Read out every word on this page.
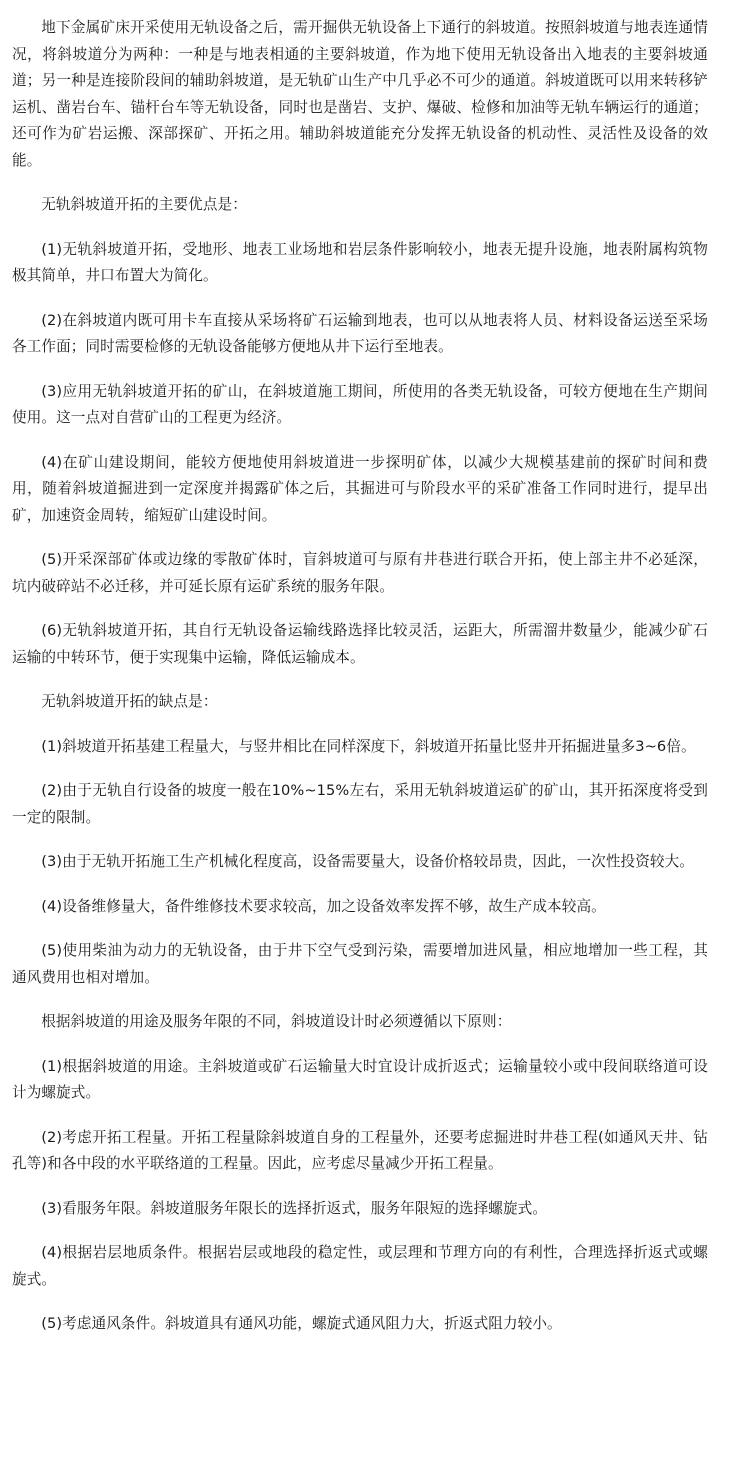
地下金属矿床开采使用无轨设备之后，需开掘供无轨设备上下通行的斜坡道。按照斜坡道与地表连通情况，将斜坡道分为两种：一种是与地表相通的主要斜坡道，作为地下使用无轨设备出入地表的主要斜坡通道；另一种是连接阶段间的辅助斜坡道，是无轨矿山生产中几乎必不可少的通道。斜坡道既可以用来转移铲运机、凿岩台车、锚杆台车等无轨设备，同时也是凿岩、支护、爆破、检修和加油等无轨车辆运行的通道；还可作为矿岩运搬、深部探矿、开拓之用。辅助斜坡道能充分发挥无轨设备的机动性、灵活性及设备的效能。

无轨斜坡道开拓的主要优点是：

(1)无轨斜坡道开拓，受地形、地表工业场地和岩层条件影响较小，地表无提升设施，地表附属构筑物极其简单，井口布置大为简化。

(2)在斜坡道内既可用卡车直接从采场将矿石运输到地表，也可以从地表将人员、材料设备运送至采场各工作面；同时需要检修的无轨设备能够方便地从井下运行至地表。

(3)应用无轨斜坡道开拓的矿山，在斜坡道施工期间，所使用的各类无轨设备，可较方便地在生产期间使用。这一点对自营矿山的工程更为经济。

(4)在矿山建设期间，能较方便地使用斜坡道进一步探明矿体，以减少大规模基建前的探矿时间和费用，随着斜坡道掘进到一定深度并揭露矿体之后，其掘进可与阶段水平的采矿准备工作同时进行，提早出矿，加速资金周转，缩短矿山建设时间。

(5)开采深部矿体或边缘的零散矿体时，盲斜坡道可与原有井巷进行联合开拓，使上部主井不必延深，坑内破碎站不必迁移，并可延长原有运矿系统的服务年限。

(6)无轨斜坡道开拓，其自行无轨设备运输线路选择比较灵活，运距大，所需溜井数量少，能减少矿石运输的中转环节，便于实现集中运输，降低运输成本。

无轨斜坡道开拓的缺点是：

(1)斜坡道开拓基建工程量大，与竖井相比在同样深度下，斜坡道开拓量比竖井开拓掘进量多3~6倍。

(2)由于无轨自行设备的坡度一般在10%~15%左右，采用无轨斜坡道运矿的矿山，其开拓深度将受到一定的限制。

(3)由于无轨开拓施工生产机械化程度高，设备需要量大，设备价格较昂贵，因此，一次性投资较大。

(4)设备维修量大，备件维修技术要求较高，加之设备效率发挥不够，故生产成本较高。

(5)使用柴油为动力的无轨设备，由于井下空气受到污染，需要增加进风量，相应地增加一些工程，其通风费用也相对增加。

根据斜坡道的用途及服务年限的不同，斜坡道设计时必须遵循以下原则：

(1)根据斜坡道的用途。主斜坡道或矿石运输量大时宜设计成折返式；运输量较小或中段间联络道可设计为螺旋式。

(2)考虑开拓工程量。开拓工程量除斜坡道自身的工程量外，还要考虑掘进时井巷工程(如通风天井、钻孔等)和各中段的水平联络道的工程量。因此，应考虑尽量减少开拓工程量。

(3)看服务年限。斜坡道服务年限长的选择折返式，服务年限短的选择螺旋式。

(4)根据岩层地质条件。根据岩层或地段的稳定性，或层理和节理方向的有利性，合理选择折返式或螺旋式。

(5)考虑通风条件。斜坡道具有通风功能，螺旋式通风阻力大，折返式阻力较小。
